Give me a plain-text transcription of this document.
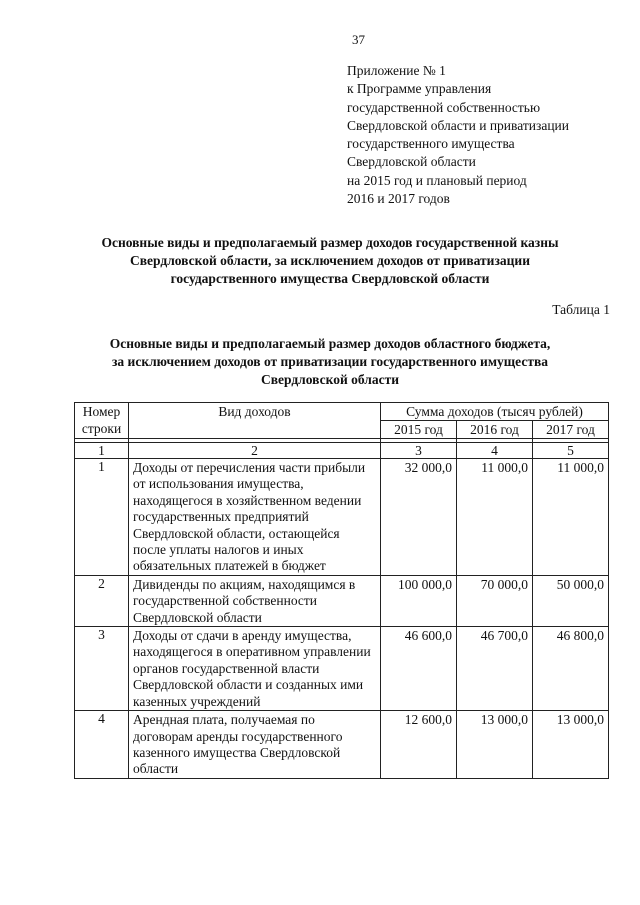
37
Приложение № 1
к Программе управления
государственной собственностью
Свердловской области и приватизации
государственного имущества
Свердловской области
на 2015 год и плановый период
2016 и 2017 годов
Основные виды и предполагаемый размер доходов государственной казны
Свердловской области, за исключением доходов от приватизации
государственного имущества Свердловской области
Таблица 1
Основные виды и предполагаемый размер доходов областного бюджета,
за исключением доходов от приватизации государственного имущества
Свердловской области
Номер
строки	Вид доходов	Сумма доходов (тысяч рублей)		
		2015 год	2016 год	2017 год

1	2	3	4	5
1	Доходы от перечисления части прибыли от использования имущества, находящегося в хозяйственном ведении государственных предприятий Свердловской области, остающейся после уплаты налогов и иных обязательных платежей в бюджет	32 000,0	11 000,0	11 000,0
2	Дивиденды по акциям, находящимся в государственной собственности Свердловской области	100 000,0	70 000,0	50 000,0
3	Доходы от сдачи в аренду имущества, находящегося в оперативном управлении органов государственной власти Свердловской области и созданных ими казенных учреждений	46 600,0	46 700,0	46 800,0
4	Арендная плата, получаемая по договорам аренды государственного казенного имущества Свердловской области	12 600,0	13 000,0	13 000,0
